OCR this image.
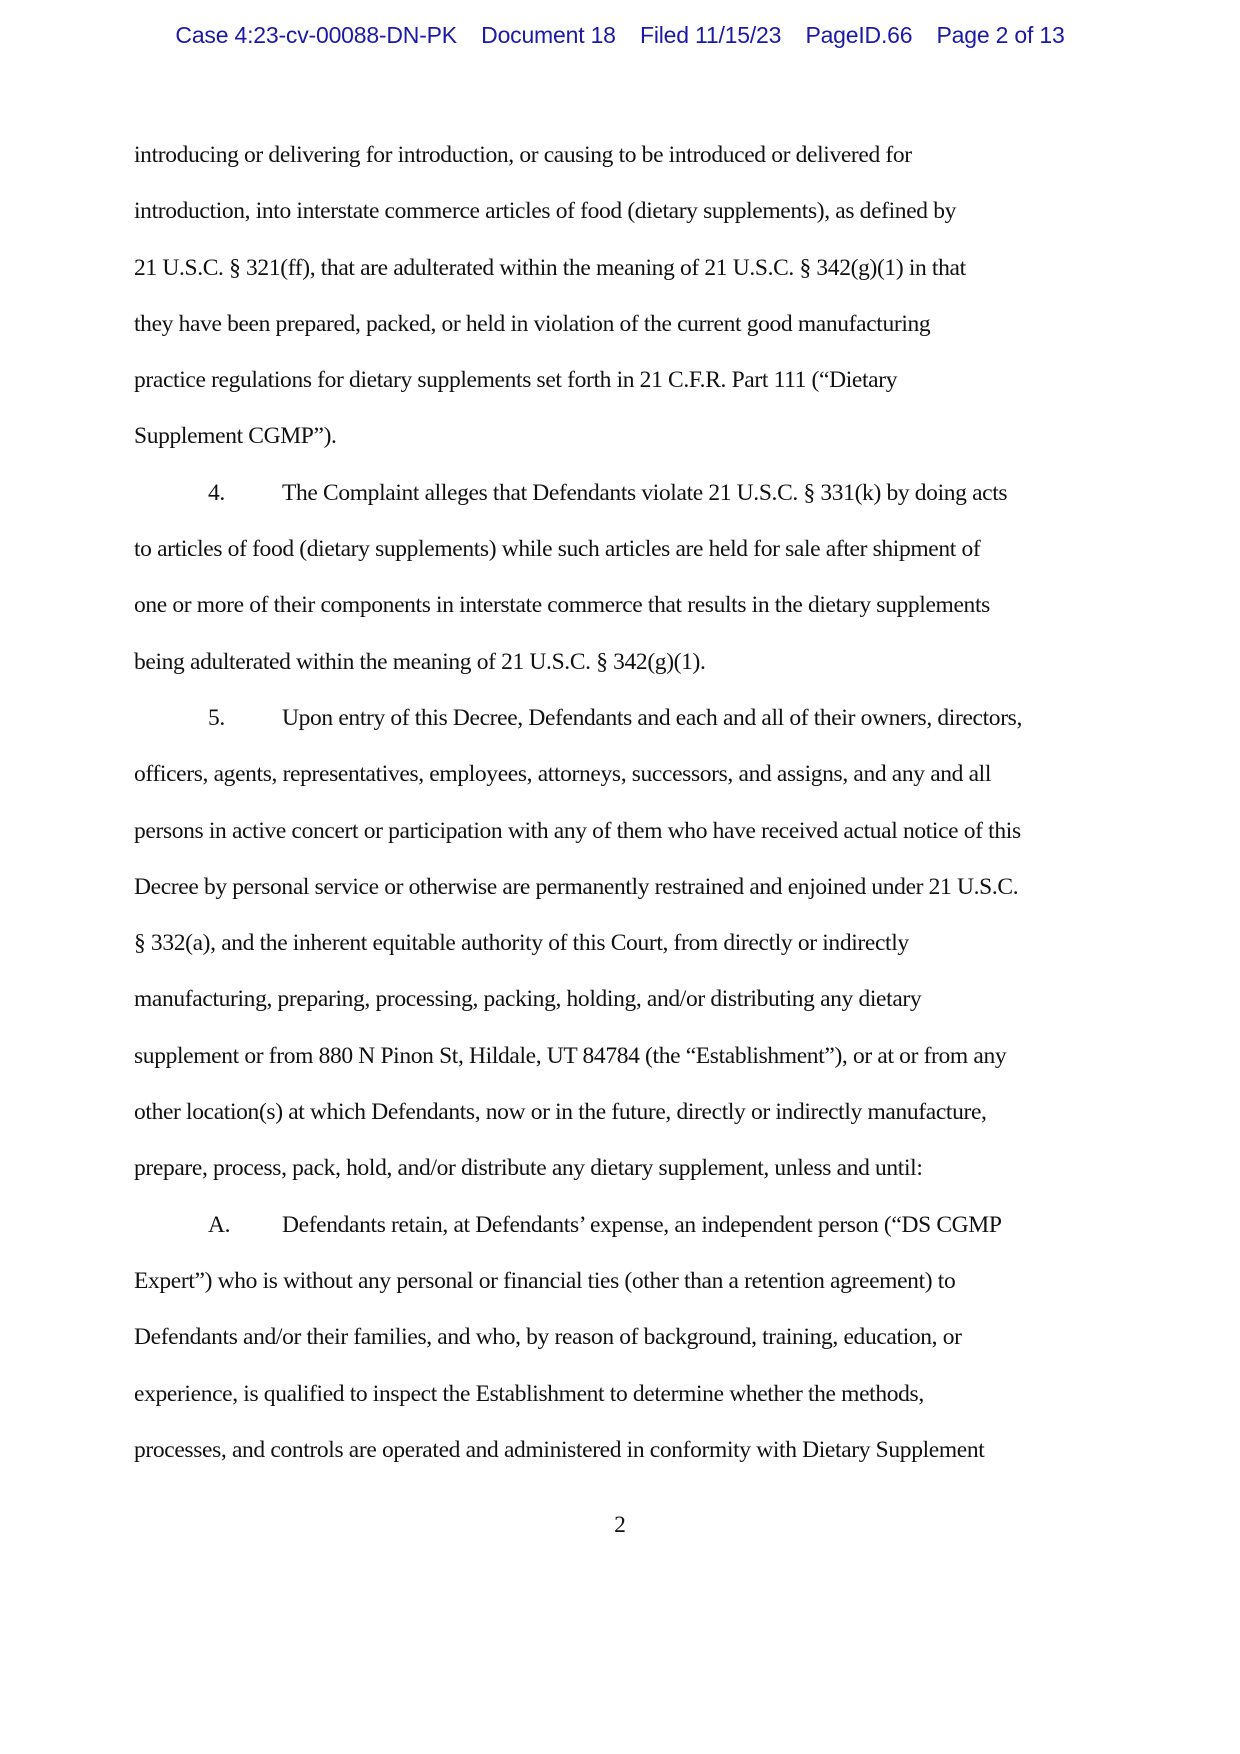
Case 4:23-cv-00088-DN-PK Document 18 Filed 11/15/23 PageID.66 Page 2 of 13
introducing or delivering for introduction, or causing to be introduced or delivered for
introduction, into interstate commerce articles of food (dietary supplements), as defined by
21 U.S.C. § 321(ff), that are adulterated within the meaning of 21 U.S.C. § 342(g)(1) in that
they have been prepared, packed, or held in violation of the current good manufacturing
practice regulations for dietary supplements set forth in 21 C.F.R. Part 111 (“Dietary
Supplement CGMP”).
4. The Complaint alleges that Defendants violate 21 U.S.C. § 331(k) by doing acts
to articles of food (dietary supplements) while such articles are held for sale after shipment of
one or more of their components in interstate commerce that results in the dietary supplements
being adulterated within the meaning of 21 U.S.C. § 342(g)(1).
5. Upon entry of this Decree, Defendants and each and all of their owners, directors,
officers, agents, representatives, employees, attorneys, successors, and assigns, and any and all
persons in active concert or participation with any of them who have received actual notice of this
Decree by personal service or otherwise are permanently restrained and enjoined under 21 U.S.C.
§ 332(a), and the inherent equitable authority of this Court, from directly or indirectly
manufacturing, preparing, processing, packing, holding, and/or distributing any dietary
supplement or from 880 N Pinon St, Hildale, UT 84784 (the “Establishment”), or at or from any
other location(s) at which Defendants, now or in the future, directly or indirectly manufacture,
prepare, process, pack, hold, and/or distribute any dietary supplement, unless and until:
A. Defendants retain, at Defendants’ expense, an independent person (“DS CGMP
Expert”) who is without any personal or financial ties (other than a retention agreement) to
Defendants and/or their families, and who, by reason of background, training, education, or
experience, is qualified to inspect the Establishment to determine whether the methods,
processes, and controls are operated and administered in conformity with Dietary Supplement
2
